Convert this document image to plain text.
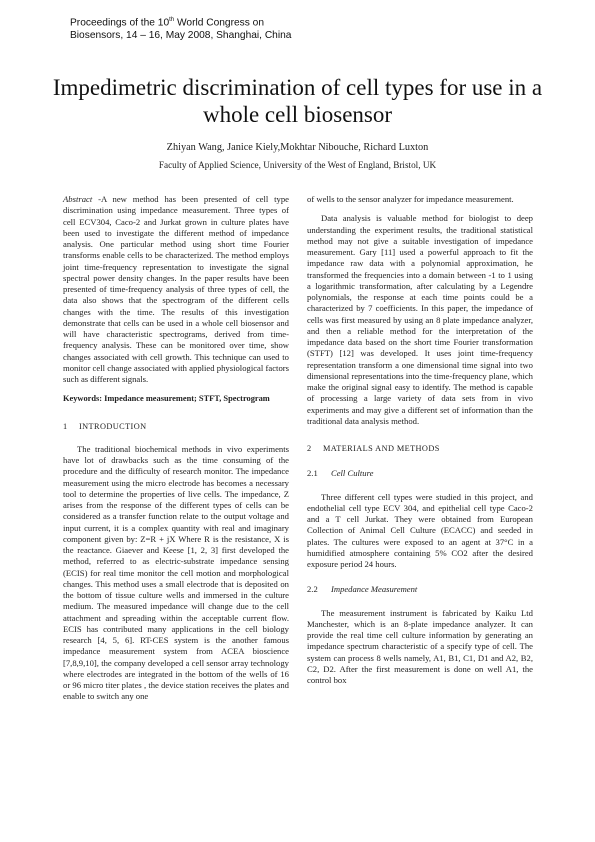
Proceedings of the 10th World Congress on
Biosensors, 14 – 16, May 2008, Shanghai, China
Impedimetric discrimination of cell types for use in a whole cell biosensor
Zhiyan Wang, Janice Kiely,Mokhtar Nibouche, Richard Luxton
Faculty of Applied Science, University of the West of England, Bristol, UK

Abstract -A new method has been presented of cell type discrimination using impedance measurement. Three types of cell ECV304, Caco-2 and Jurkat grown in culture plates have been used to investigate the different method of impedance analysis. One particular method using short time Fourier transforms enable cells to be characterized. The method employs joint time-frequency representation to investigate the signal spectral power density changes. In the paper results have been presented of time-frequency analysis of three types of cell, the data also shows that the spectrogram of the different cells changes with the time. The results of this investigation demonstrate that cells can be used in a whole cell biosensor and will have characteristic spectrograms, derived from time-frequency analysis. These can be monitored over time, show changes associated with cell growth. This technique can used to monitor cell change associated with applied physiological factors such as different signals.

Keywords: Impedance measurement; STFT, Spectrogram
1 INTRODUCTION

The traditional biochemical methods in vivo experiments have lot of drawbacks such as the time consuming of the procedure and the difficulty of research monitor. The impedance measurement using the micro electrode has becomes a necessary tool to determine the properties of live cells. The impedance, Z arises from the response of the different types of cells can be considered as a transfer function relate to the output voltage and input current, it is a complex quantity with real and imaginary component given by: Z=R + jX Where R is the resistance, X is the reactance. Giaever and Keese [1, 2, 3] first developed the method, referred to as electric-substrate impedance sensing (ECIS) for real time monitor the cell motion and morphological changes. This method uses a small electrode that is deposited on the bottom of tissue culture wells and immersed in the culture medium. The measured impedance will change due to the cell attachment and spreading within the acceptable current flow. ECIS has contributed many applications in the cell biology research [4, 5, 6]. RT-CES system is the another famous impedance measurement system from ACEA bioscience [7,8,9,10], the company developed a cell sensor array technology where electrodes are integrated in the bottom of the wells of 16 or 96 micro titer plates , the device station receives the plates and enable to switch any one

of wells to the sensor analyzer for impedance measurement.

Data analysis is valuable method for biologist to deep understanding the experiment results, the traditional statistical method may not give a suitable investigation of impedance measurement. Gary [11] used a powerful approach to fit the impedance raw data with a polynomial approximation, he transformed the frequencies into a domain between -1 to 1 using a logarithmic transformation, after calculating by a Legendre polynomials, the response at each time points could be a characterized by 7 coefficients. In this paper, the impedance of cells was first measured by using an 8 plate impedance analyzer, and then a reliable method for the interpretation of the impedance data based on the short time Fourier transformation (STFT) [12] was developed. It uses joint time-frequency representation transform a one dimensional time signal into two dimensional representations into the time-frequency plane, which make the original signal easy to identify. The method is capable of processing a large variety of data sets from in vivo experiments and may give a different set of information than the traditional data analysis method.

2 MATERIALS AND METHODS
2.1 Cell Culture

Three different cell types were studied in this project, and endothelial cell type ECV 304, and epithelial cell type Caco-2 and a T cell Jurkat. They were obtained from European Collection of Animal Cell Culture (ECACC) and seeded in plates. The cultures were exposed to an agent at 37°C in a humidified atmosphere containing 5% CO2 after the desired exposure period 24 hours.

2.2 Impedance Measurement

The measurement instrument is fabricated by Kaiku Ltd Manchester, which is an 8-plate impedance analyzer. It can provide the real time cell culture information by generating an impedance spectrum characteristic of a specify type of cell. The system can process 8 wells namely, A1, B1, C1, D1 and A2, B2, C2, D2. After the first measurement is done on well A1, the control box
